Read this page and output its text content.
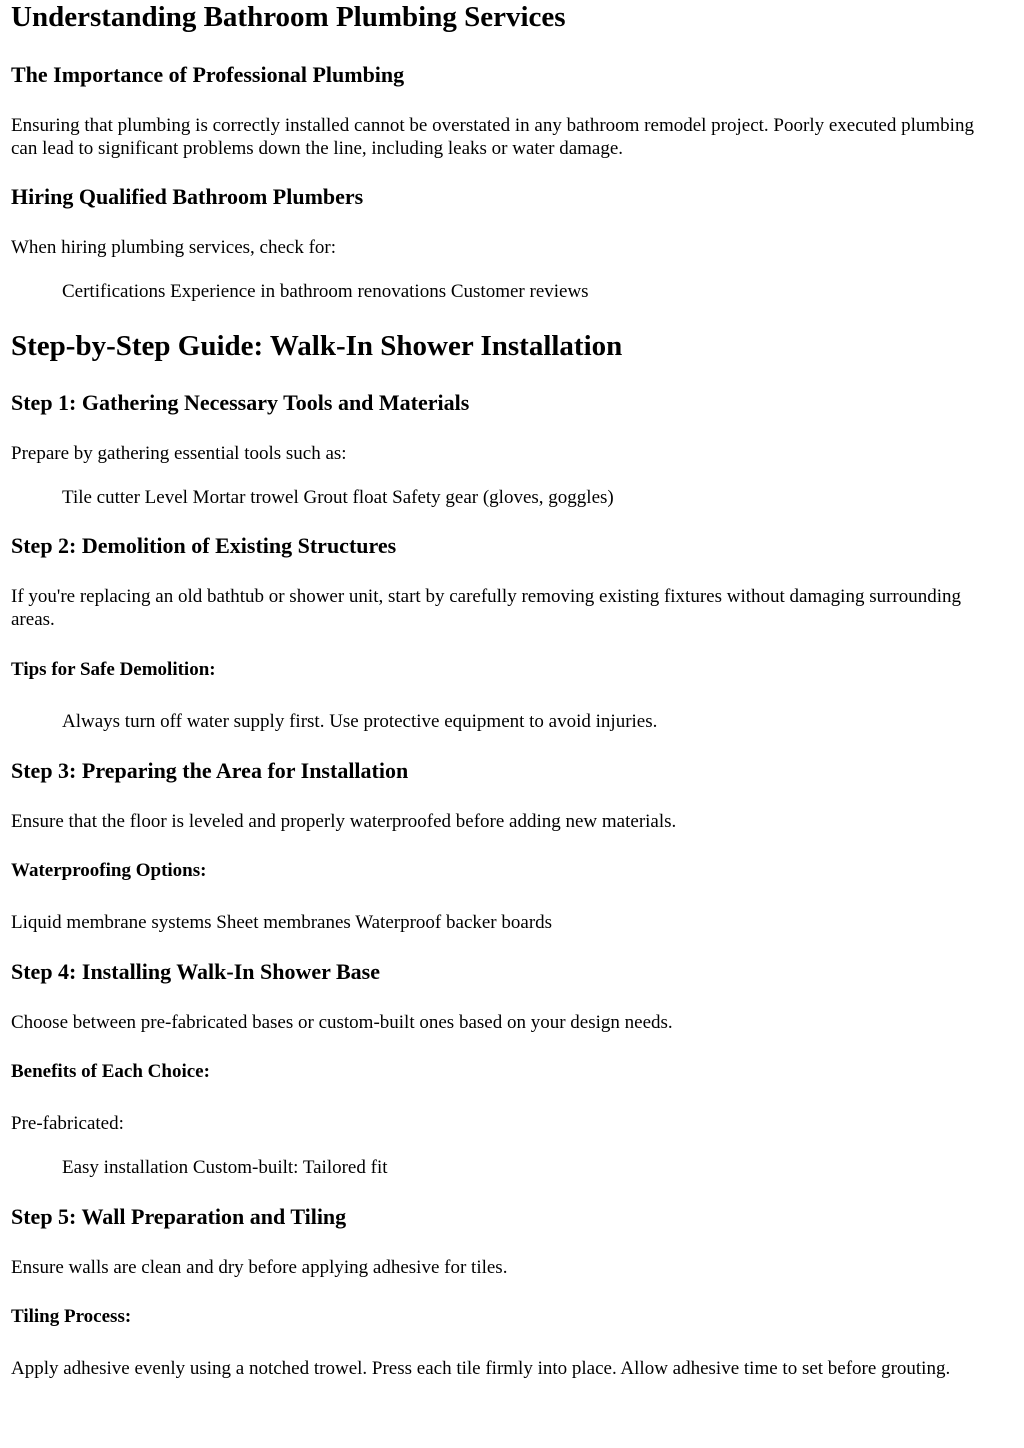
Understanding Bathroom Plumbing Services
The Importance of Professional Plumbing

Ensuring that plumbing is correctly installed cannot be overstated in any bathroom remodel project. Poorly executed plumbing can lead to significant problems down the line, including leaks or water damage.

Hiring Qualified Bathroom Plumbers

When hiring plumbing services, check for:

Certifications Experience in bathroom renovations Customer reviews

Step-by-Step Guide: Walk-In Shower Installation
Step 1: Gathering Necessary Tools and Materials

Prepare by gathering essential tools such as:

Tile cutter Level Mortar trowel Grout float Safety gear (gloves, goggles)

Step 2: Demolition of Existing Structures

If you're replacing an old bathtub or shower unit, start by carefully removing existing fixtures without damaging surrounding areas.

Tips for Safe Demolition:

Always turn off water supply first. Use protective equipment to avoid injuries.

Step 3: Preparing the Area for Installation

Ensure that the floor is leveled and properly waterproofed before adding new materials.

Waterproofing Options:

Liquid membrane systems Sheet membranes Waterproof backer boards

Step 4: Installing Walk-In Shower Base

Choose between pre-fabricated bases or custom-built ones based on your design needs.

Benefits of Each Choice:

Pre-fabricated:

Easy installation Custom-built: Tailored fit

Step 5: Wall Preparation and Tiling

Ensure walls are clean and dry before applying adhesive for tiles.

Tiling Process:

Apply adhesive evenly using a notched trowel. Press each tile firmly into place. Allow adhesive time to set before grouting.
